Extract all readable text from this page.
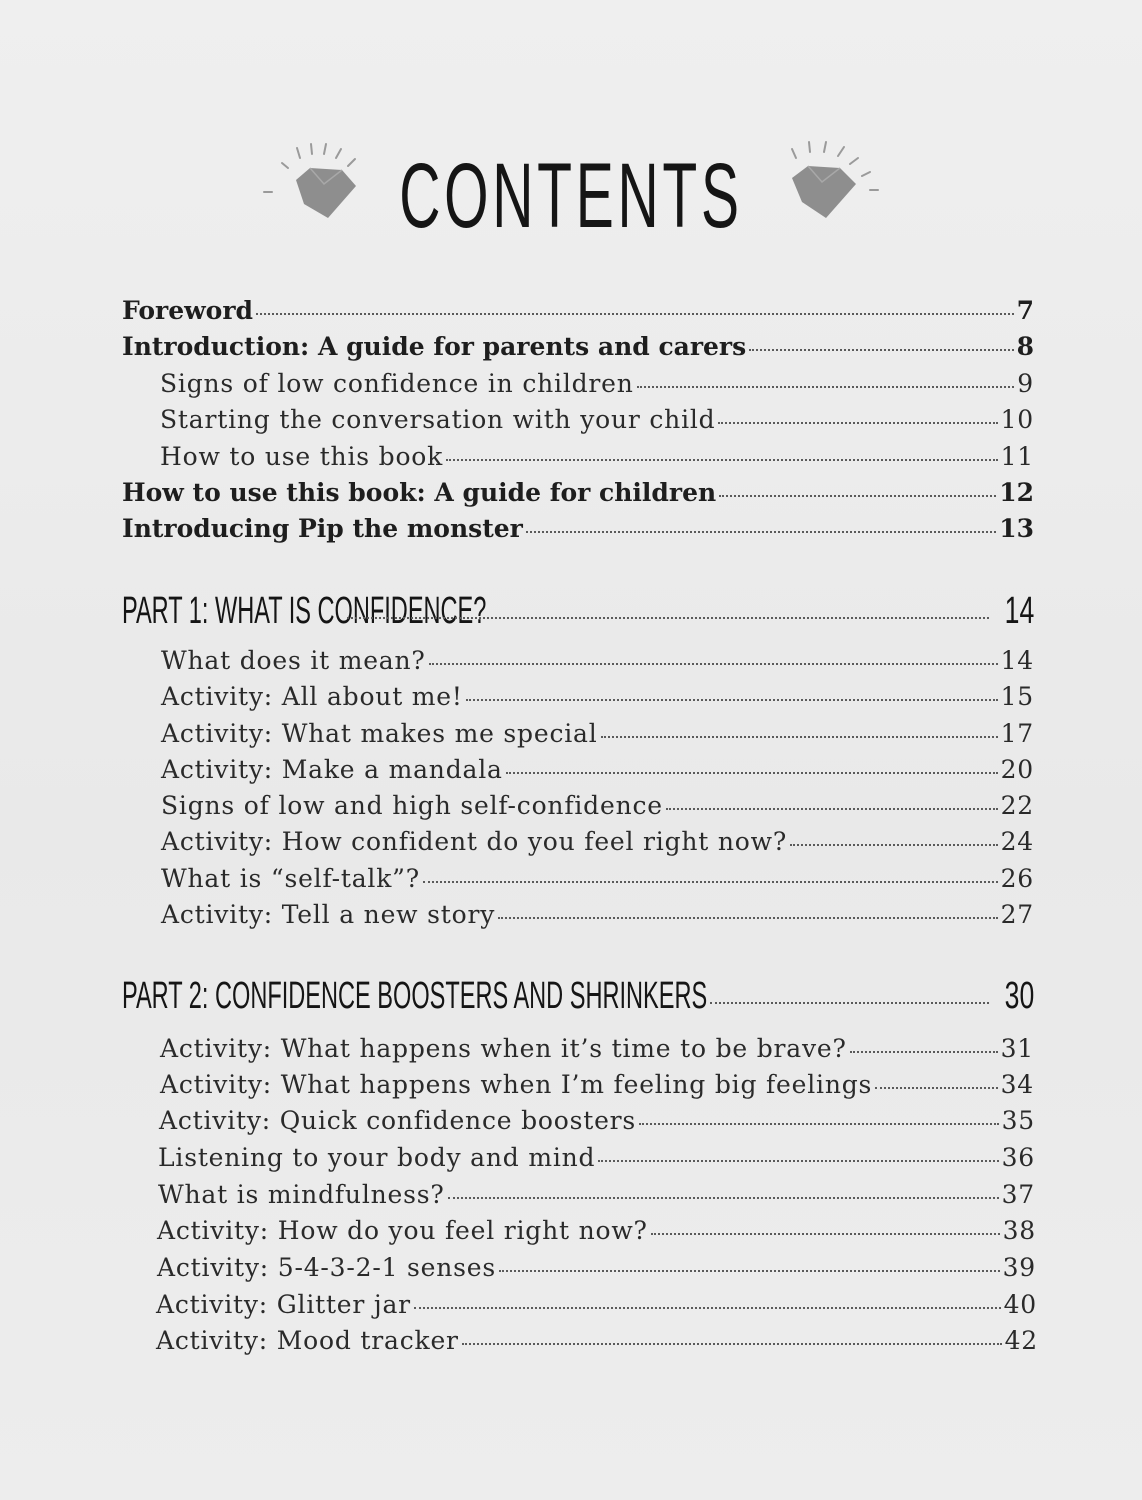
CONTENTS
Foreword	7
Introduction: A guide for parents and carers	8
Signs of low confidence in children	9
Starting the conversation with your child	10
How to use this book	11
How to use this book: A guide for children	12
Introducing Pip the monster	13
PART 1: WHAT IS CONFIDENCE?	14
What does it mean?	14
Activity: All about me!	15
Activity: What makes me special	17
Activity: Make a mandala	20
Signs of low and high self-confidence	22
Activity: How confident do you feel right now?	24
What is “self-talk”?	26
Activity: Tell a new story	27
PART 2: CONFIDENCE BOOSTERS AND SHRINKERS	30
Activity: What happens when it’s time to be brave?	31
Activity: What happens when I’m feeling big feelings	34
Activity: Quick confidence boosters	35
Listening to your body and mind	36
What is mindfulness?	37
Activity: How do you feel right now?	38
Activity: 5-4-3-2-1 senses	39
Activity: Glitter jar	40
Activity: Mood tracker	42
